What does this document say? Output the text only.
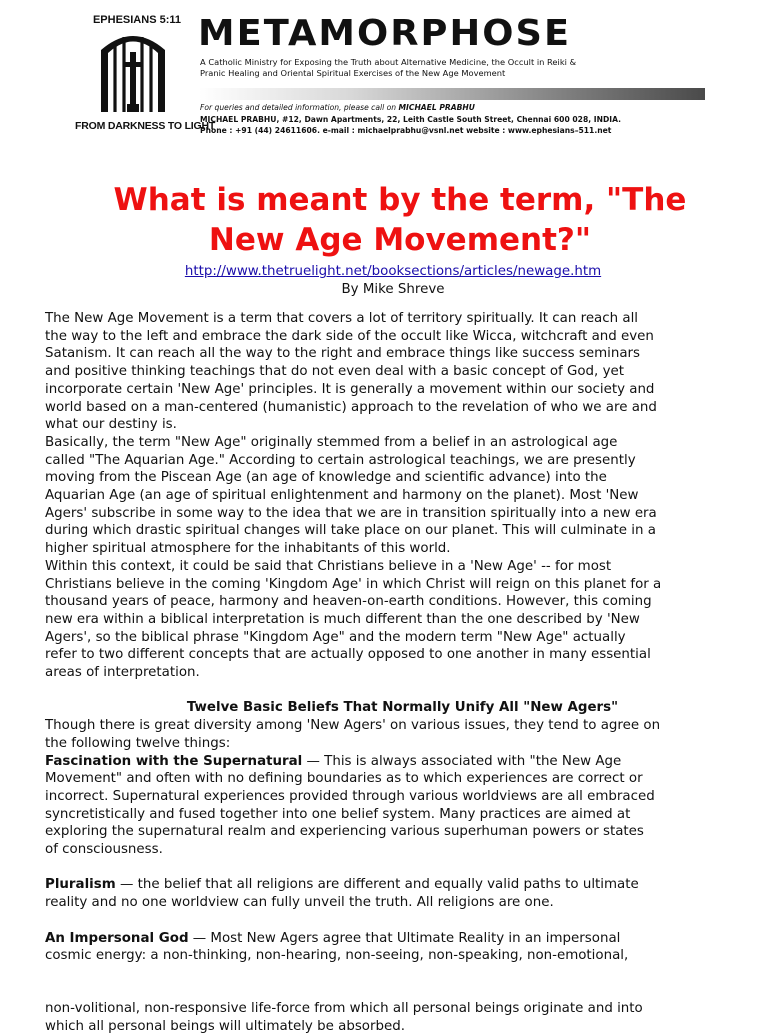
EPHESIANS 5:11
FROM DARKNESS TO LIGHT
METAMORPHOSE
A Catholic Ministry for Exposing the Truth about Alternative Medicine, the Occult in Reiki &
Pranic Healing and Oriental Spiritual Exercises of the New Age Movement
For queries and detailed information, please call on MICHAEL PRABHU
MICHAEL PRABHU, #12, Dawn Apartments, 22, Leith Castle South Street, Chennai 600 028, INDIA.
Phone : +91 (44) 24611606. e-mail : michaelprabhu@vsnl.net website : www.ephesians–511.net
What is meant by the term, "The
New Age Movement?"
http://www.thetruelight.net/booksections/articles/newage.htm
By Mike Shreve
The New Age Movement is a term that covers a lot of territory spiritually. It can reach all
the way to the left and embrace the dark side of the occult like Wicca, witchcraft and even
Satanism. It can reach all the way to the right and embrace things like success seminars
and positive thinking teachings that do not even deal with a basic concept of God, yet
incorporate certain 'New Age' principles. It is generally a movement within our society and
world based on a man-centered (humanistic) approach to the revelation of who we are and
what our destiny is.
Basically, the term "New Age" originally stemmed from a belief in an astrological age
called "The Aquarian Age." According to certain astrological teachings, we are presently
moving from the Piscean Age (an age of knowledge and scientific advance) into the
Aquarian Age (an age of spiritual enlightenment and harmony on the planet). Most 'New
Agers' subscribe in some way to the idea that we are in transition spiritually into a new era
during which drastic spiritual changes will take place on our planet. This will culminate in a
higher spiritual atmosphere for the inhabitants of this world.
Within this context, it could be said that Christians believe in a 'New Age' -- for most
Christians believe in the coming 'Kingdom Age' in which Christ will reign on this planet for a
thousand years of peace, harmony and heaven-on-earth conditions. However, this coming
new era within a biblical interpretation is much different than the one described by 'New
Agers', so the biblical phrase "Kingdom Age" and the modern term "New Age" actually
refer to two different concepts that are actually opposed to one another in many essential
areas of interpretation.
Twelve Basic Beliefs That Normally Unify All "New Agers"
Though there is great diversity among 'New Agers' on various issues, they tend to agree on
the following twelve things:
Fascination with the Supernatural — This is always associated with "the New Age
Movement" and often with no defining boundaries as to which experiences are correct or
incorrect. Supernatural experiences provided through various worldviews are all embraced
syncretistically and fused together into one belief system. Many practices are aimed at
exploring the supernatural realm and experiencing various superhuman powers or states
of consciousness.
Pluralism — the belief that all religions are different and equally valid paths to ultimate
reality and no one worldview can fully unveil the truth. All religions are one.
An Impersonal God — Most New Agers agree that Ultimate Reality in an impersonal
cosmic energy: a non-thinking, non-hearing, non-seeing, non-speaking, non-emotional,
non-volitional, non-responsive life-force from which all personal beings originate and into
which all personal beings will ultimately be absorbed.
